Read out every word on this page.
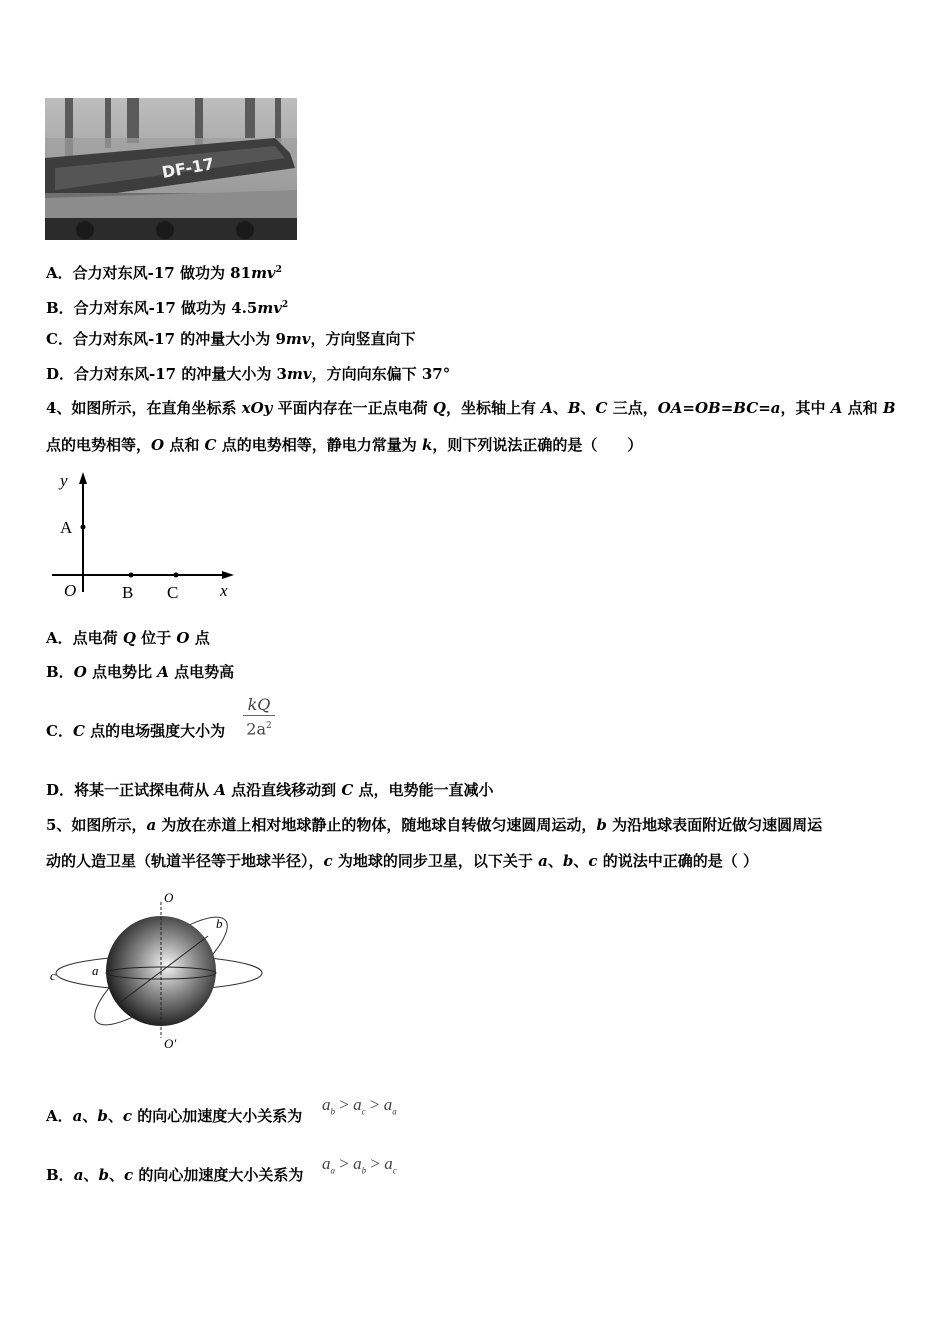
DF-17
A．合力对东风-17 做功为 $81mv^2$
B．合力对东风-17 做功为 $4.5mv^2$
C．合力对东风-17 的冲量大小为 9mv，方向竖直向下
D．合力对东风-17 的冲量大小为 3mv，方向向东偏下 37°
4、如图所示，在直角坐标系 xOy 平面内存在一正点电荷 Q，坐标轴上有 A、B、C 三点，OA=OB=BC=a，其中 A 点和 B
点的电势相等，O 点和 C 点的电势相等，静电力常量为 k，则下列说法正确的是（　　）
y
A
O	B C x
A．点电荷 Q 位于 O 点
B．O 点电势比 A 点电势高
C．C 点的电场强度大小为
kQ
$2a^2$
D．将某一正试探电荷从 A 点沿直线移动到 C 点，电势能一直减小
5、如图所示，a 为放在赤道上相对地球静止的物体，随地球自转做匀速圆周运动，b 为沿地球表面附近做匀速圆周运
动的人造卫星（轨道半径等于地球半径），c 为地球的同步卫星，以下关于 a、b、c 的说法中正确的是（ ）
O
O′
b
a
c
A．a、b、c 的向心加速度大小关系为
$a_b > a_c > a_a$
B．a、b、c 的向心加速度大小关系为
$a_a > a_b > a_c$
